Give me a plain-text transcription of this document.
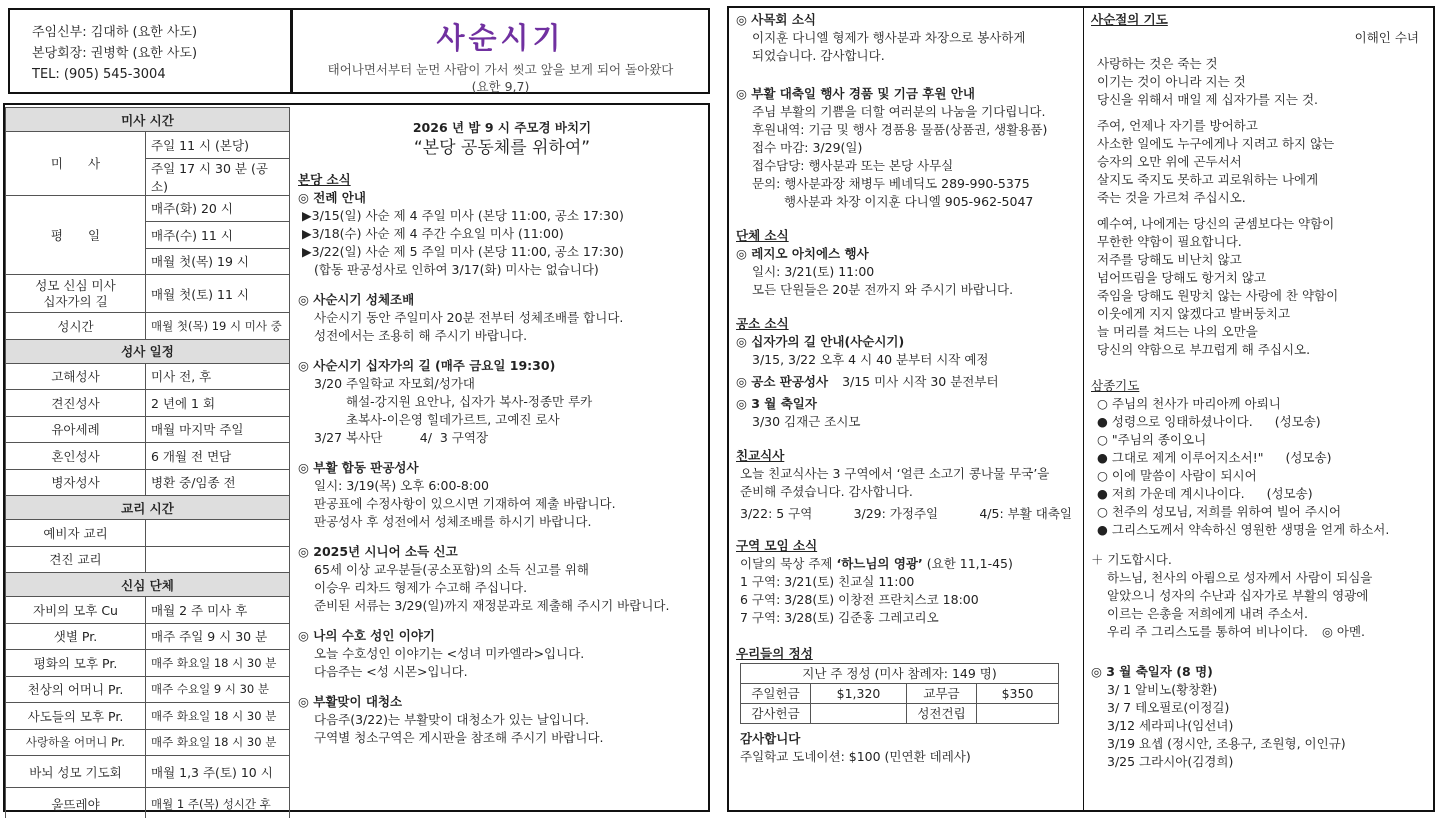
주임신부: 김대하 (요한 사도)
본당회장: 권병학 (요한 사도)
TEL: (905) 545-3004
사순시기
태어나면서부터 눈먼 사람이 가서 씻고 앞을 보게 되어 돌아왔다
(요한 9,7)
미사 시간	
미　　사	주일 11 시 (본당)
	주일 17 시 30 분 (공소)
평　　일	매주(화) 20 시
	매주(수) 11 시
	매월 첫(목) 19 시
성모 신심 미사
십자가의 길	매월 첫(토) 11 시
성시간	매월 첫(목) 19 시 미사 중
성사 일정	
고해성사	미사 전, 후
견진성사	2 년에 1 회
유아세례	매월 마지막 주일
혼인성사	6 개월 전 면담
병자성사	병환 중/임종 전
교리 시간	
예비자 교리	
견진 교리	
신심 단체	
자비의 모후 Cu	매월 2 주 미사 후
샛별 Pr.	매주 주일 9 시 30 분
평화의 모후 Pr.	매주 화요일 18 시 30 분
천상의 어머니 Pr.	매주 수요일 9 시 30 분
사도들의 모후 Pr.	매주 화요일 18 시 30 분
사랑하올 어머니 Pr.	매주 화요일 18 시 30 분
바뇌 성모 기도회	매월 1,3 주(토) 10 시
울뜨레야	매월 1 주(목) 성시간 후
2026 년 밤 9 시 주모경 바치기
“본당 공동체를 위하여”
본당 소식
◎ 전례 안내
▶3/15(일) 사순 제 4 주일 미사 (본당 11:00, 공소 17:30)
▶3/18(수) 사순 제 4 주간 수요일 미사 (11:00)
▶3/22(일) 사순 제 5 주일 미사 (본당 11:00, 공소 17:30)
(합동 판공성사로 인하여 3/17(화) 미사는 없습니다)
◎ 사순시기 성체조배
사순시기 동안 주일미사 20분 전부터 성체조배를 합니다.
성전에서는 조용히 해 주시기 바랍니다.
◎ 사순시기 십자가의 길 (매주 금요일 19:30)
3/20 주일학교 자모회/성가대
해설-강지원 요안나, 십자가 복사-정종만 루카
초복사-이은영 힐데가르트, 고예진 로사
3/27 복사단　　　4/  3 구역장
◎ 부활 합동 판공성사
일시: 3/19(목) 오후 6:00-8:00
판공표에 수정사항이 있으시면 기재하여 제출 바랍니다.
판공성사 후 성전에서 성체조배를 하시기 바랍니다.
◎ 2025년 시니어 소득 신고
65세 이상 교우분들(공소포함)의 소득 신고를 위해
이승우 리차드 형제가 수고해 주십니다.
준비된 서류는 3/29(일)까지 재정분과로 제출해 주시기 바랍니다.
◎ 나의 수호 성인 이야기
오늘 수호성인 이야기는 <성녀 미카엘라>입니다.
다음주는 <성 시몬>입니다.
◎ 부활맞이 대청소
다음주(3/22)는 부활맞이 대청소가 있는 날입니다.
구역별 청소구역은 게시판을 참조해 주시기 바랍니다.
◎ 사목회 소식
이지훈 다니엘 형제가 행사분과 차장으로 봉사하게
되었습니다. 감사합니다.
◎ 부활 대축일 행사 경품 및 기금 후원 안내
주님 부활의 기쁨을 더할 여러분의 나눔을 기다립니다.
후원내역: 기금 및 행사 경품용 물품(상품권, 생활용품)
접수 마감: 3/29(일)
접수담당: 행사분과 또는 본당 사무실
문의: 행사분과장 채병두 베네딕도 289-990-5375
행사분과 차장 이지훈 다니엘 905-962-5047
단체 소식
◎ 레지오 아치에스 행사
일시: 3/21(토) 11:00
모든 단원들은 20분 전까지 와 주시기 바랍니다.
공소 소식
◎ 십자가의 길 안내(사순시기)
3/15, 3/22 오후 4 시 40 분부터 시작 예정
◎ 공소 판공성사 3/15 미사 시작 30 분전부터
◎ 3 월 축일자
3/30 김재근 조시모
친교식사
오늘 친교식사는 3 구역에서 ‘얼큰 소고기 콩나물 무국’을
준비해 주셨습니다. 감사합니다.
3/22: 5 구역	3/29: 가정주일	4/5: 부활 대축일
구역 모임 소식
이달의 묵상 주제 ‘하느님의 영광’ (요한 11,1-45)
1 구역: 3/21(토) 친교실 11:00
6 구역: 3/28(토) 이창전 프란치스코 18:00
7 구역: 3/28(토) 김준홍 그레고리오
우리들의 정성
지난 주 정성 (미사 참례자: 149 명)			
주일헌금	$1,320	교무금	$350
감사헌금		성전건립	
감사합니다
주일학교 도네이션: $100 (민연환 데레사)
사순절의 기도
이해인 수녀
사랑하는 것은 죽는 것
이기는 것이 아니라 지는 것
당신을 위해서 매일 제 십자가를 지는 것.
주여, 언제나 자기를 방어하고
사소한 일에도 누구에게나 지려고 하지 않는
승자의 오만 위에 곤두서서
살지도 죽지도 못하고 괴로워하는 나에게
죽는 것을 가르쳐 주십시오.
예수여, 나에게는 당신의 굳셈보다는 약함이
무한한 약함이 필요합니다.
저주를 당해도 비난치 않고
넘어뜨림을 당해도 항거치 않고
죽임을 당해도 원망치 않는 사랑에 찬 약함이
이웃에게 지지 않겠다고 발버둥치고
늘 머리를 쳐드는 나의 오만을
당신의 약함으로 부끄럽게 해 주십시오.
삼종기도
○ 주님의 천사가 마리아께 아뢰니
● 성령으로 잉태하셨나이다. (성모송)
○ "주님의 종이오니
● 그대로 제게 이루어지소서!" (성모송)
○ 이에 말씀이 사람이 되시어
● 저희 가운데 계시나이다. (성모송)
○ 천주의 성모님, 저희를 위하여 빌어 주시어
● 그리스도께서 약속하신 영원한 생명을 얻게 하소서.
＋ 기도합시다.
하느님, 천사의 아룀으로 성자께서 사람이 되심을
알았으니 성자의 수난과 십자가로 부활의 영광에
이르는 은총을 저희에게 내려 주소서.
우리 주 그리스도를 통하여 비나이다. ◎ 아멘.
◎ 3 월 축일자 (8 명)
3/ 1 알비노(황창환)
3/ 7 테오필로(이정길)
3/12 세라피나(임선녀)
3/19 요셉 (정시안, 조용구, 조원형, 이인규)
3/25 그라시아(김경희)
